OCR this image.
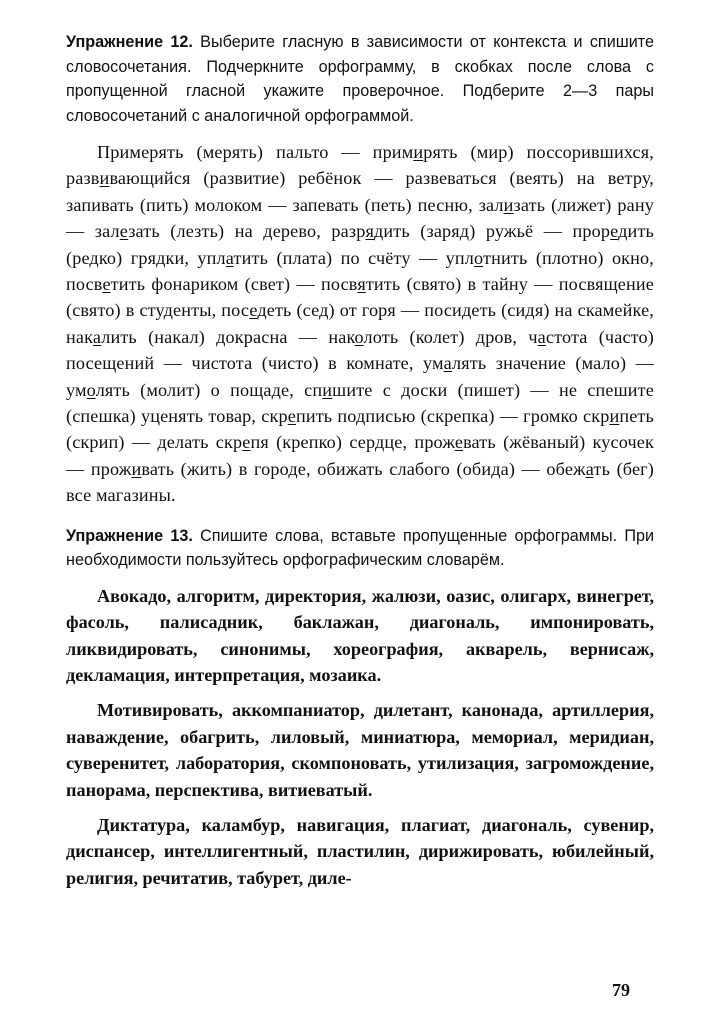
Упражнение 12. Выберите гласную в зависимости от контекста и спишите словосочетания. Подчеркните орфограмму, в скобках после слова с пропущенной гласной укажите проверочное. Подберите 2—3 пары словосочетаний с аналогичной орфограммой.

Примерять (мерять) пальто — примирять (мир) поссорившихся, развивающийся (развитие) ребёнок — развеваться (веять) на ветру, запивать (пить) молоком — запевать (петь) песню, зализать (лижет) рану — залезать (лезть) на дерево, разрядить (заряд) ружьё — проредить (редко) грядки, уплатить (плата) по счёту — уплотнить (плотно) окно, посветить фонариком (свет) — посвятить (свято) в тайну — посвящение (свято) в студенты, поседеть (сед) от горя — посидеть (сидя) на скамейке, накалить (накал) докрасна — наколоть (колет) дров, частота (часто) посещений — чистота (чисто) в комнате, умалять значение (мало) — умолять (молит) о пощаде, спишите с доски (пишет) — не спешите (спешка) уценять товар, скрепить подписью (скрепка) — громко скрипеть (скрип) — делать скрепя (крепко) сердце, прожевать (жёваный) кусочек — проживать (жить) в городе, обижать слабого (обида) — обежать (бег) все магазины.

Упражнение 13. Спишите слова, вставьте пропущенные орфограммы. При необходимости пользуйтесь орфографическим словарём.

Авокадо, алгоритм, директория, жалюзи, оазис, олигарх, винегрет, фасоль, палисадник, баклажан, диагональ, импонировать, ликвидировать, синонимы, хореография, акварель, вернисаж, декламация, интерпретация, мозаика.

Мотивировать, аккомпаниатор, дилетант, канонада, артиллерия, наваждение, обагрить, лиловый, миниатюра, мемориал, меридиан, суверенитет, лаборатория, скомпоновать, утилизация, загромождение, панорама, перспектива, витиеватый.

Диктатура, каламбур, навигация, плагиат, диагональ, сувенир, диспансер, интеллигентный, пластилин, дирижировать, юбилейный, религия, речитатив, табурет, диле-

79
